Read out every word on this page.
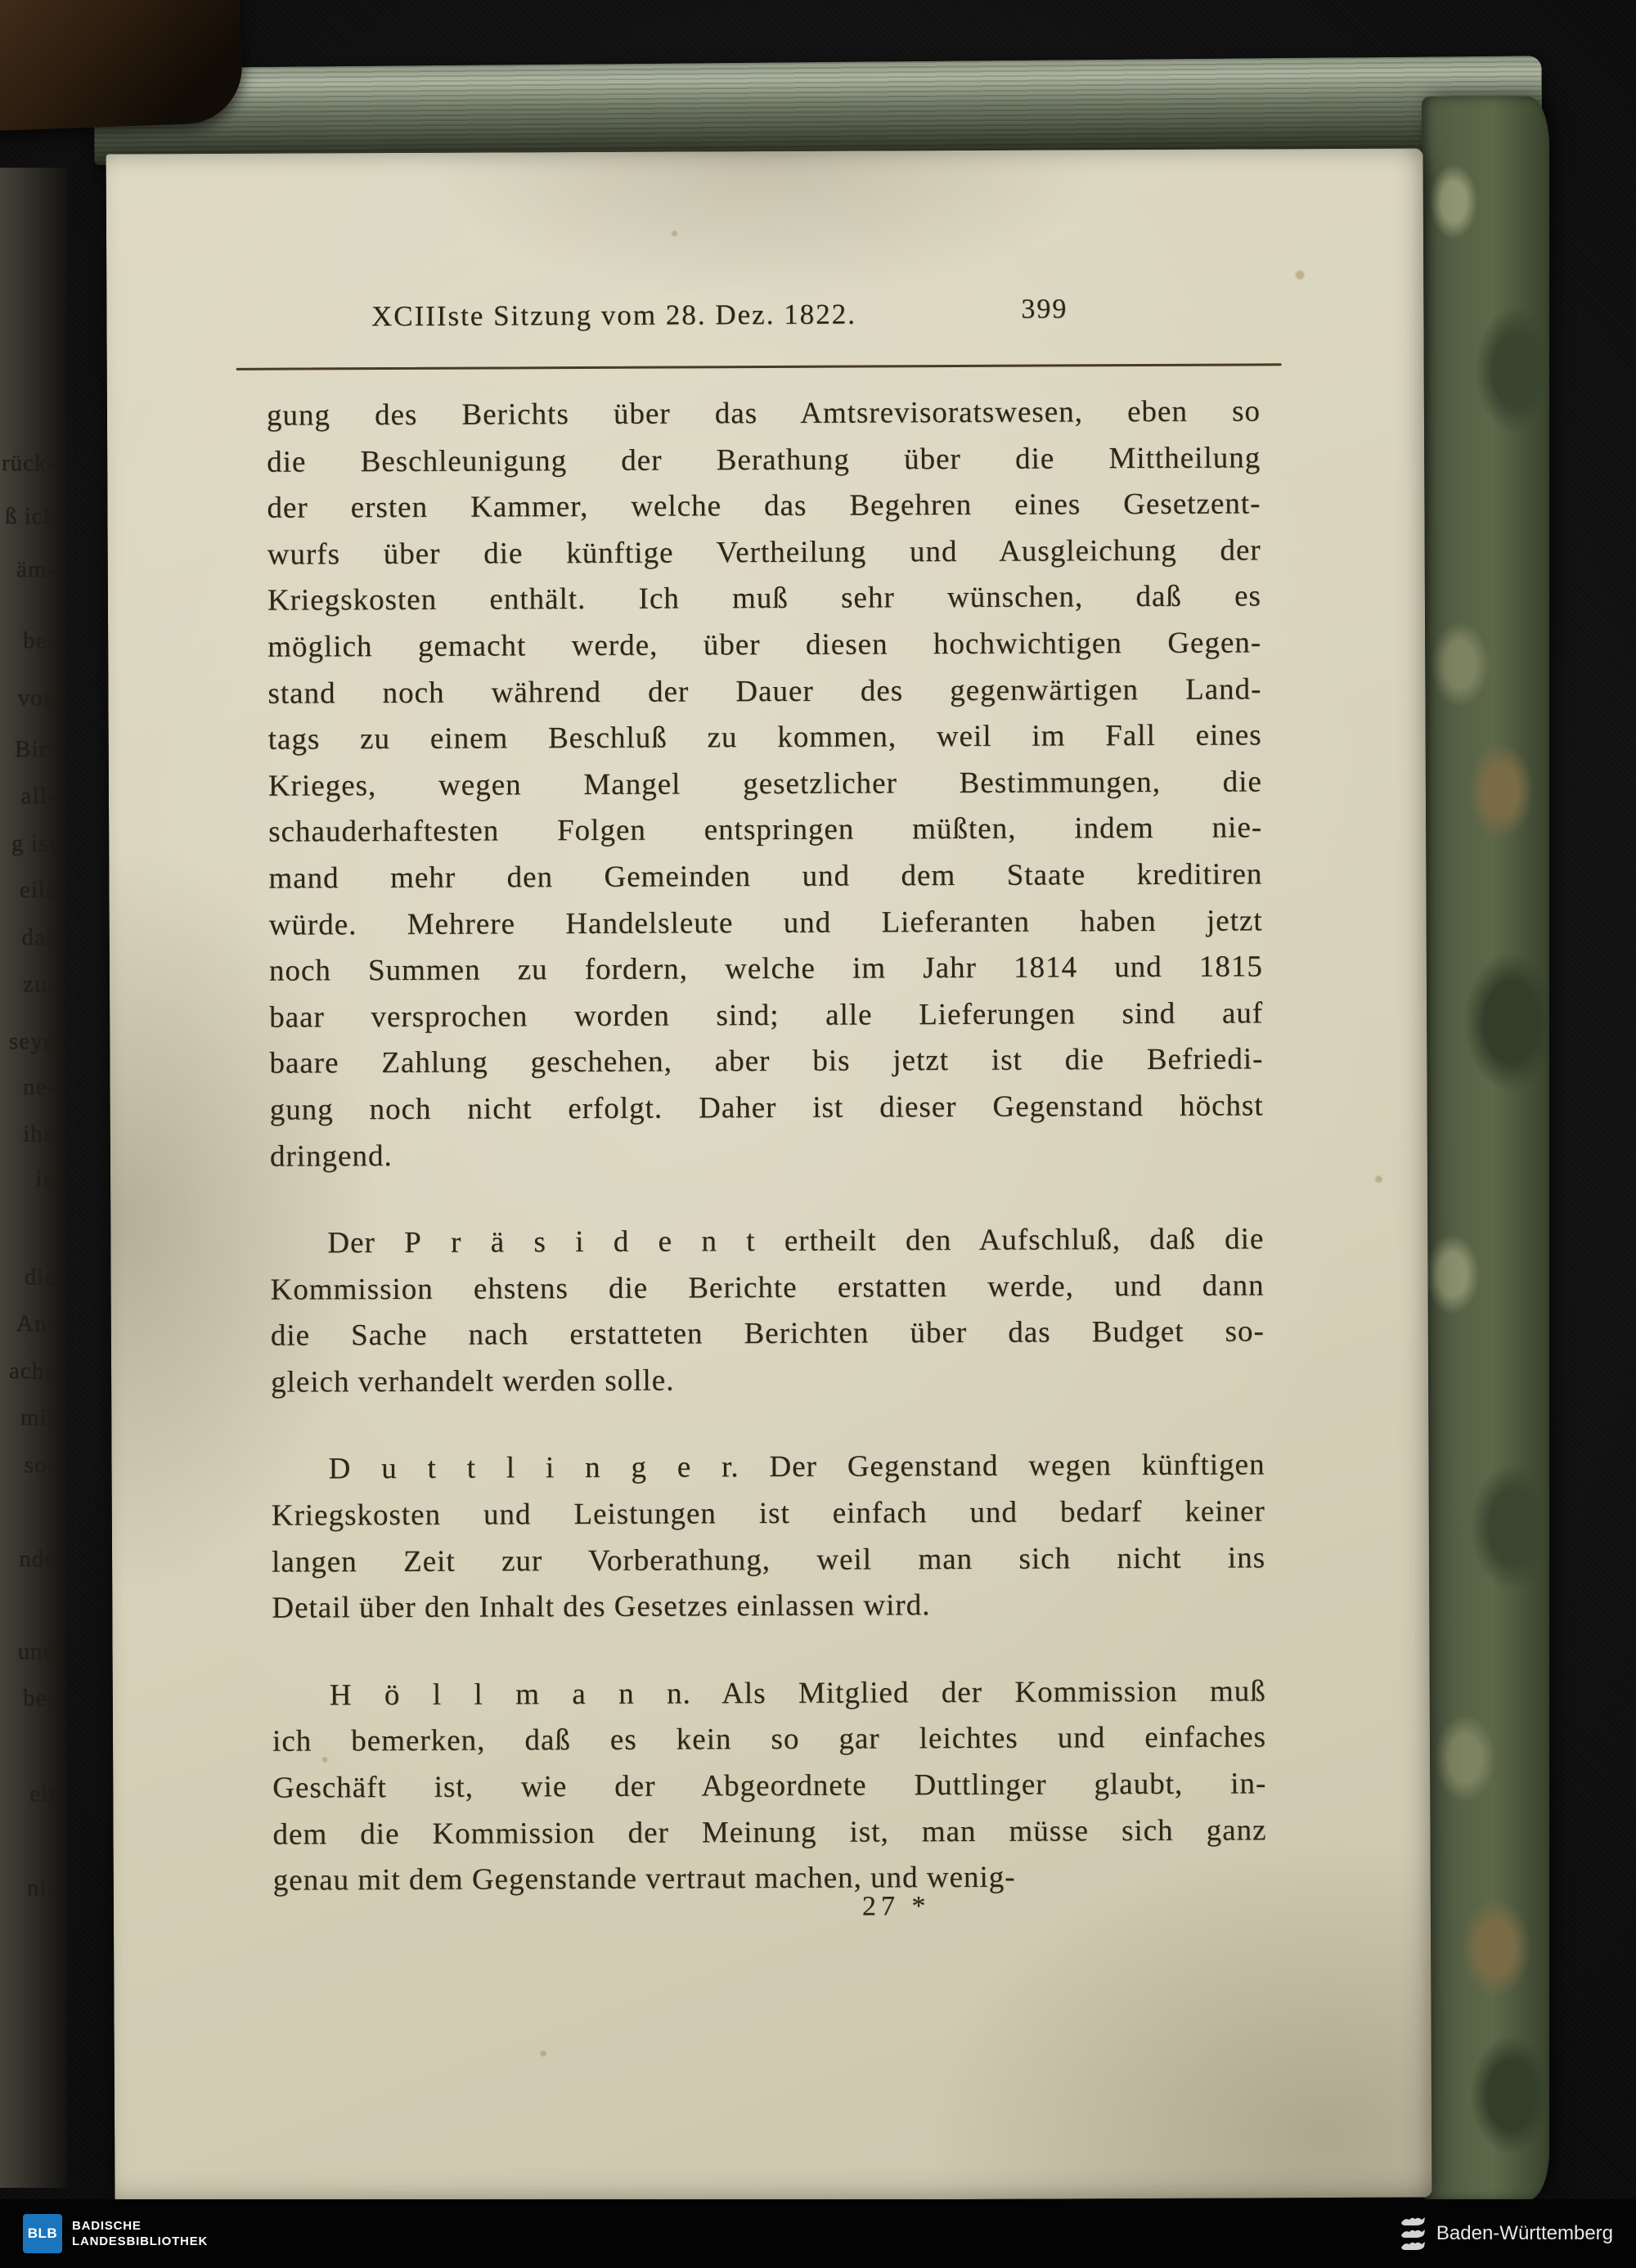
rück-
ß ich
äm-
be-
von
Bir-
all-
g ist
eils
das
zu-
seyn
ne-
ihn
in
die
An-
ache
mir
so-
nde
und
ber
elt
ni-
XCIIIste Sitzung vom 28. Dez. 1822.	399
gung des Berichts über das Amtsrevisoratswesen, eben so
die Beschleunigung der Berathung über die Mittheilung
der ersten Kammer, welche das Begehren eines Gesetzent-
wurfs über die künftige Vertheilung und Ausgleichung der
Kriegskosten enthält. Ich muß sehr wünschen, daß es
möglich gemacht werde, über diesen hochwichtigen Gegen-
stand noch während der Dauer des gegenwärtigen Land-
tags zu einem Beschluß zu kommen, weil im Fall eines
Krieges, wegen Mangel gesetzlicher Bestimmungen, die
schauderhaftesten Folgen entspringen müßten, indem nie-
mand mehr den Gemeinden und dem Staate kreditiren
würde. Mehrere Handelsleute und Lieferanten haben jetzt
noch Summen zu fordern, welche im Jahr 1814 und 1815
baar versprochen worden sind; alle Lieferungen sind auf
baare Zahlung geschehen, aber bis jetzt ist die Befriedi-
gung noch nicht erfolgt. Daher ist dieser Gegenstand höchst
dringend.
Der P r ä s i d e n t ertheilt den Aufschluß, daß die
Kommission ehstens die Berichte erstatten werde, und dann
die Sache nach erstatteten Berichten über das Budget so-
gleich verhandelt werden solle.
D u t t l i n g e r. Der Gegenstand wegen künftigen
Kriegskosten und Leistungen ist einfach und bedarf keiner
langen Zeit zur Vorberathung, weil man sich nicht ins
Detail über den Inhalt des Gesetzes einlassen wird.
H ö l l m a n n. Als Mitglied der Kommission muß
ich bemerken, daß es kein so gar leichtes und einfaches
Geschäft ist, wie der Abgeordnete Duttlinger glaubt, in-
dem die Kommission der Meinung ist, man müsse sich ganz
genau mit dem Gegenstande vertraut machen, und wenig-
27 *
BLB BADISCHE
LANDESBIBLIOTHEK	Baden-Württemberg
